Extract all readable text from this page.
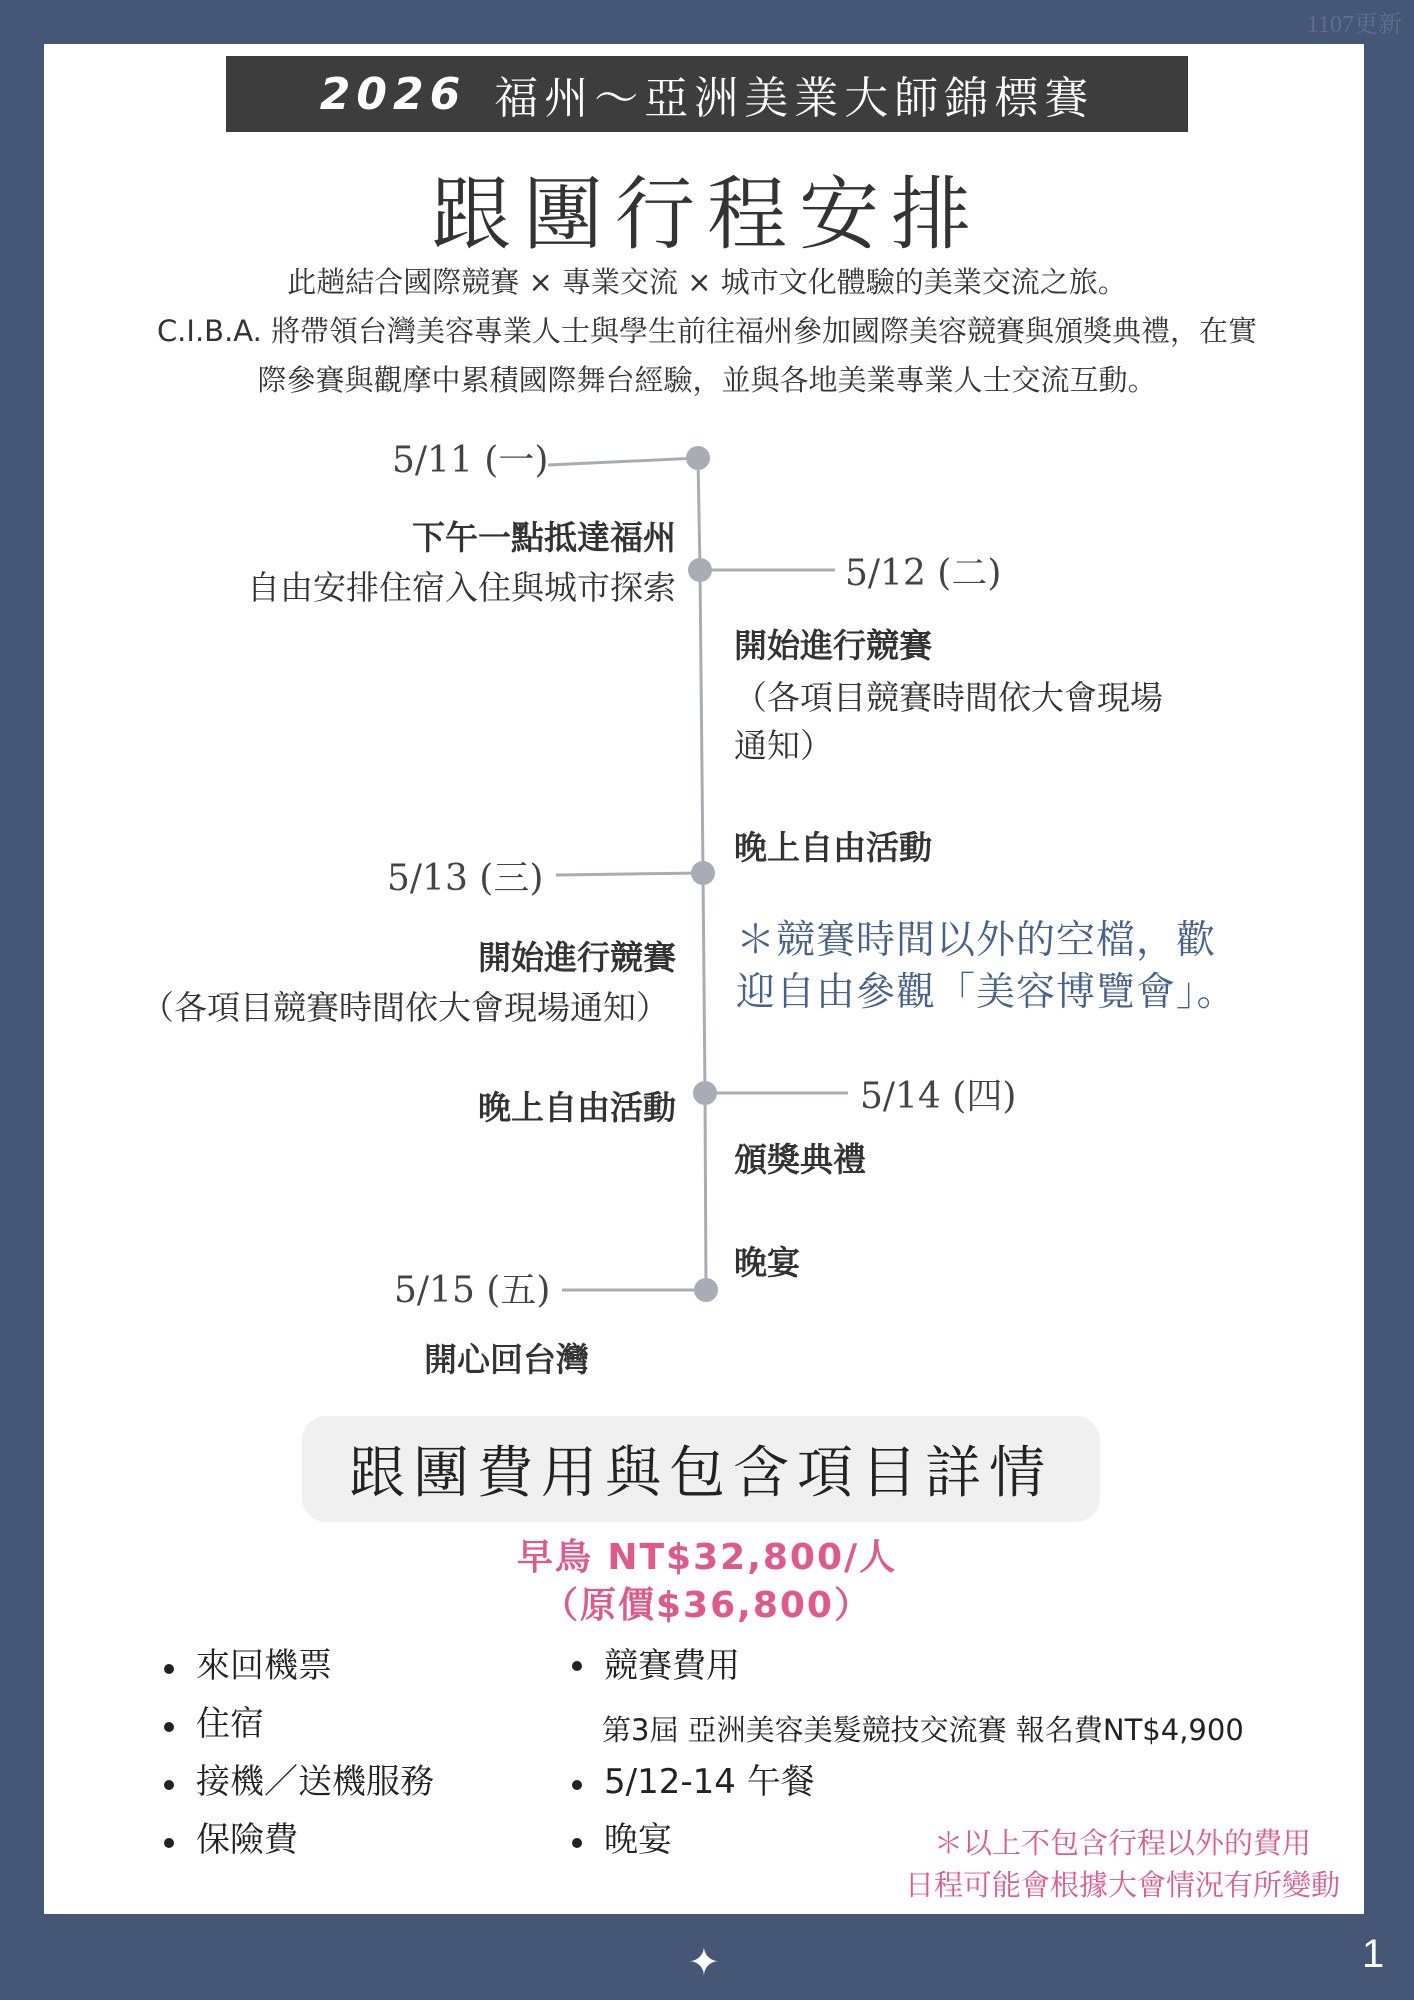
1107更新
2026 福州～亞洲美業大師錦標賽
跟團行程安排
此趟結合國際競賽 × 專業交流 × 城市文化體驗的美業交流之旅。
C.I.B.A. 將帶領台灣美容專業人士與學生前往福州參加國際美容競賽與頒獎典禮，在實
際參賽與觀摩中累積國際舞台經驗，並與各地美業專業人士交流互動。
5/11 (一)
下午一點抵達福州
自由安排住宿入住與城市探索	5/12 (二)
開始進行競賽
（各項目競賽時間依大會現場
通知）
晚上自由活動
5/13 (三)
開始進行競賽
（各項目競賽時間依大會現場通知）
晚上自由活動
＊競賽時間以外的空檔，歡
迎自由參觀「美容博覽會」。
5/14 (四)
頒獎典禮
晚宴
5/15 (五)
開心回台灣
跟團費用與包含項目詳情
早鳥 NT$32,800/人
（原價$36,800）
來回機票
住宿
接機／送機服務
保險費
競賽費用
5/12-14 午餐
晚宴
第3屆 亞洲美容美髮競技交流賽 報名費NT$4,900
＊以上不包含行程以外的費用
日程可能會根據大會情況有所變動
✦	1
